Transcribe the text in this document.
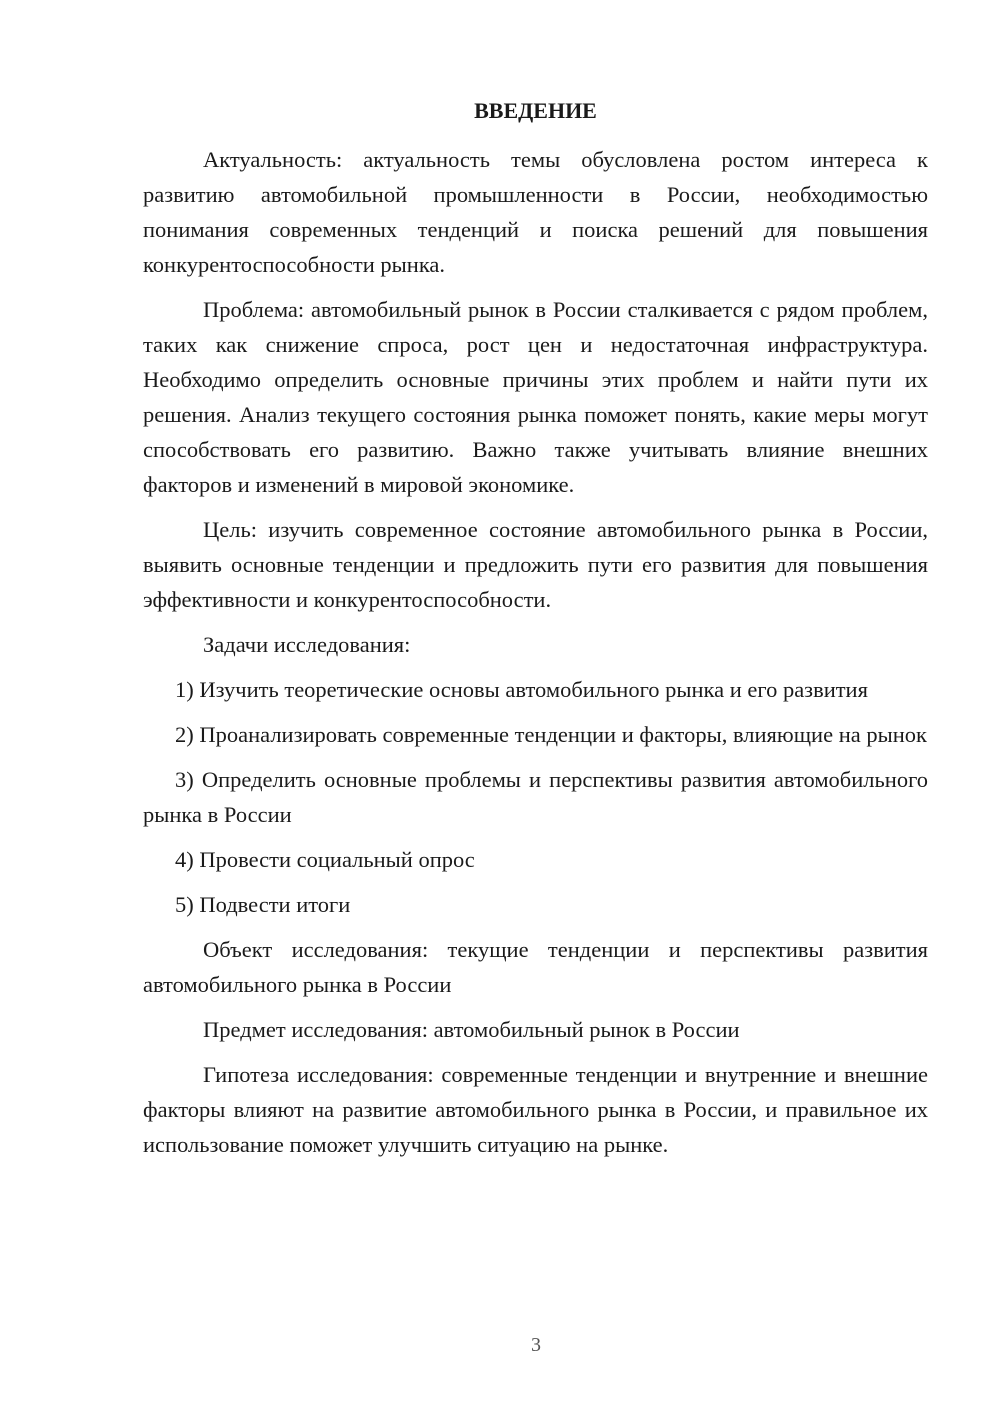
ВВЕДЕНИЕ

Актуальность: актуальность темы обусловлена ростом интереса к развитию автомобильной промышленности в России, необходимостью понимания современных тенденций и поиска решений для повышения конкурентоспособности рынка.

Проблема: автомобильный рынок в России сталкивается с рядом проблем, таких как снижение спроса, рост цен и недостаточная инфраструктура. Необходимо определить основные причины этих проблем и найти пути их решения. Анализ текущего состояния рынка поможет понять, какие меры могут способствовать его развитию. Важно также учитывать влияние внешних факторов и изменений в мировой экономике.

Цель: изучить современное состояние автомобильного рынка в России, выявить основные тенденции и предложить пути его развития для повышения эффективности и конкурентоспособности.

Задачи исследования:

1) Изучить теоретические основы автомобильного рынка и его развития

2) Проанализировать современные тенденции и факторы, влияющие на рынок

3) Определить основные проблемы и перспективы развития автомобильного рынка в России

4) Провести социальный опрос

5) Подвести итоги

Объект исследования: текущие тенденции и перспективы развития автомобильного рынка в России

Предмет исследования: автомобильный рынок в России

Гипотеза исследования: современные тенденции и внутренние и внешние факторы влияют на развитие автомобильного рынка в России, и правильное их использование поможет улучшить ситуацию на рынке.

3
